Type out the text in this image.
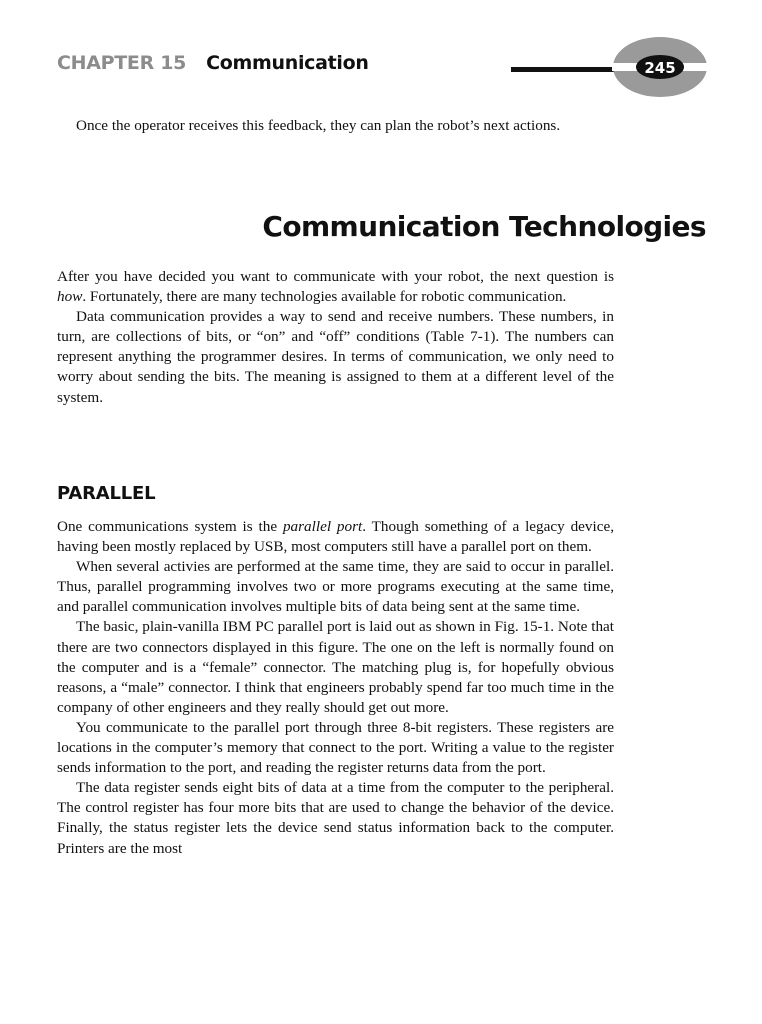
CHAPTER 15 Communication	245

Once the operator receives this feedback, they can plan the robot’s next actions.

Communication Technologies

After you have decided you want to communicate with your robot, the next question is how. Fortunately, there are many technologies available for robotic communication.

Data communication provides a way to send and receive numbers. These numbers, in turn, are collections of bits, or “on” and “off” conditions (Table 7-1). The numbers can represent anything the programmer desires. In terms of communication, we only need to worry about sending the bits. The meaning is assigned to them at a different level of the system.

PARALLEL

One communications system is the parallel port. Though something of a legacy device, having been mostly replaced by USB, most computers still have a parallel port on them.

When several activies are performed at the same time, they are said to occur in parallel. Thus, parallel programming involves two or more programs executing at the same time, and parallel communication involves multiple bits of data being sent at the same time.

The basic, plain-vanilla IBM PC parallel port is laid out as shown in Fig. 15-1. Note that there are two connectors displayed in this figure. The one on the left is normally found on the computer and is a “female” connector. The matching plug is, for hopefully obvious reasons, a “male” connector. I think that engineers probably spend far too much time in the company of other engineers and they really should get out more.

You communicate to the parallel port through three 8-bit registers. These registers are locations in the computer’s memory that connect to the port. Writing a value to the register sends information to the port, and reading the register returns data from the port.

The data register sends eight bits of data at a time from the computer to the peripheral. The control register has four more bits that are used to change the behavior of the device. Finally, the status register lets the device send status information back to the computer. Printers are the most
